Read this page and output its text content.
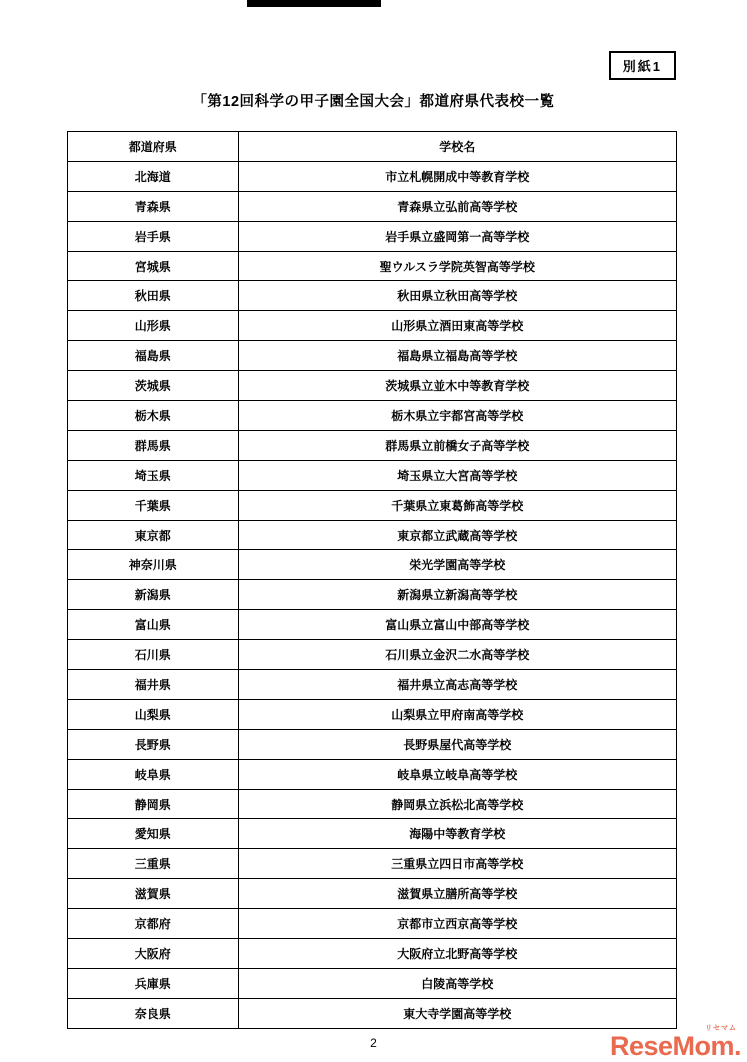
別紙1
「第12回科学の甲子園全国大会」都道府県代表校一覧
都道府県	学校名
北海道	市立札幌開成中等教育学校
青森県	青森県立弘前高等学校
岩手県	岩手県立盛岡第一高等学校
宮城県	聖ウルスラ学院英智高等学校
秋田県	秋田県立秋田高等学校
山形県	山形県立酒田東高等学校
福島県	福島県立福島高等学校
茨城県	茨城県立並木中等教育学校
栃木県	栃木県立宇都宮高等学校
群馬県	群馬県立前橋女子高等学校
埼玉県	埼玉県立大宮高等学校
千葉県	千葉県立東葛飾高等学校
東京都	東京都立武蔵高等学校
神奈川県	栄光学園高等学校
新潟県	新潟県立新潟高等学校
富山県	富山県立富山中部高等学校
石川県	石川県立金沢二水高等学校
福井県	福井県立高志高等学校
山梨県	山梨県立甲府南高等学校
長野県	長野県屋代高等学校
岐阜県	岐阜県立岐阜高等学校
静岡県	静岡県立浜松北高等学校
愛知県	海陽中等教育学校
三重県	三重県立四日市高等学校
滋賀県	滋賀県立膳所高等学校
京都府	京都市立西京高等学校
大阪府	大阪府立北野高等学校
兵庫県	白陵高等学校
奈良県	東大寺学園高等学校
2
リセマム
ReseMom.
